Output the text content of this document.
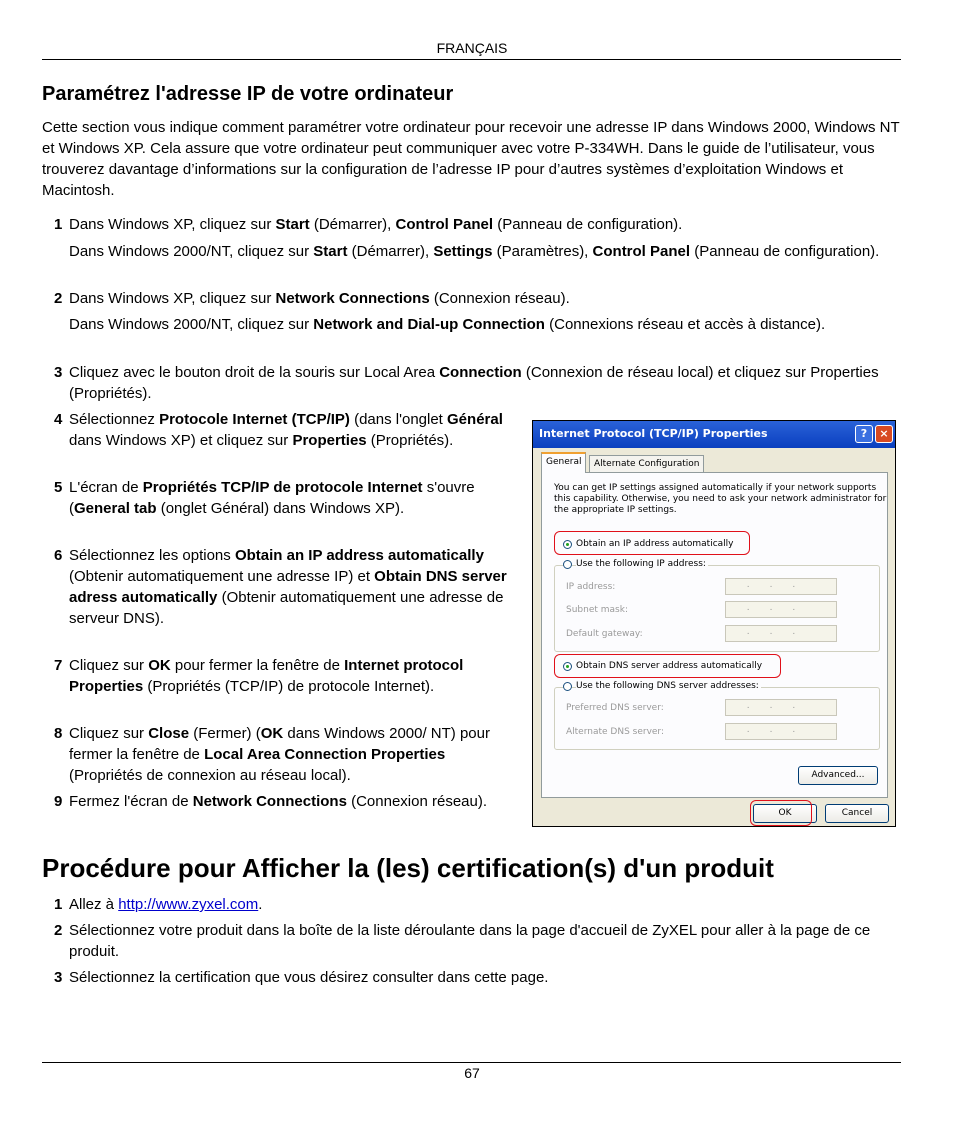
FRANÇAIS
Paramétrez l'adresse IP de votre ordinateur

Cette section vous indique comment paramétrer votre ordinateur pour recevoir une adresse IP dans Windows 2000, Windows NT et Windows XP. Cela assure que votre ordinateur peut communiquer avec votre P-334WH. Dans le guide de l’utilisateur, vous trouverez davantage d’informations sur la configuration de l’adresse IP pour d’autres systèmes d’exploitation Windows et Macintosh.

1 Dans Windows XP, cliquez sur Start (Démarrer), Control Panel (Panneau de configuration).
Dans Windows 2000/NT, cliquez sur Start (Démarrer), Settings (Paramètres), Control Panel (Panneau de configuration).
2 Dans Windows XP, cliquez sur Network Connections (Connexion réseau).
Dans Windows 2000/NT, cliquez sur Network and Dial-up Connection (Connexions réseau et accès à distance).
3 Cliquez avec le bouton droit de la souris sur Local Area Connection (Connexion de réseau local) et cliquez sur Properties (Propriétés).
4 Sélectionnez Protocole Internet (TCP/IP) (dans l'onglet Général dans Windows XP) et cliquez sur Properties (Propriétés).
5 L'écran de Propriétés TCP/IP de protocole Internet s'ouvre (General tab (onglet Général) dans Windows XP).
6 Sélectionnez les options Obtain an IP address automatically (Obtenir automatiquement une adresse IP) et Obtain DNS server adress automatically (Obtenir automatiquement une adresse de serveur DNS).
7 Cliquez sur OK pour fermer la fenêtre de Internet protocol Properties (Propriétés (TCP/IP) de protocole Internet).
8 Cliquez sur Close (Fermer) (OK dans Windows 2000/ NT) pour fermer la fenêtre de Local Area Connection Properties (Propriétés de connexion au réseau local).
9 Fermez l'écran de Network Connections (Connexion réseau).
Internet Protocol (TCP/IP) Properties	?	×
General	Alternate Configuration
You can get IP settings assigned automatically if your network supports
this capability. Otherwise, you need to ask your network administrator for
the appropriate IP settings.
Obtain an IP address automatically
Use the following IP address:
IP address:	...
Subnet mask:	...
Default gateway:	...
Obtain DNS server address automatically
Use the following DNS server addresses:
Preferred DNS server:	...
Alternate DNS server:	...
Advanced...
OK	Cancel
Procédure pour Afficher la (les) certification(s) d'un produit
1 Allez à http://www.zyxel.com.
2 Sélectionnez votre produit dans la boîte de la liste déroulante dans la page d'accueil de ZyXEL pour aller à la page de ce produit.
3 Sélectionnez la certification que vous désirez consulter dans cette page.
67
